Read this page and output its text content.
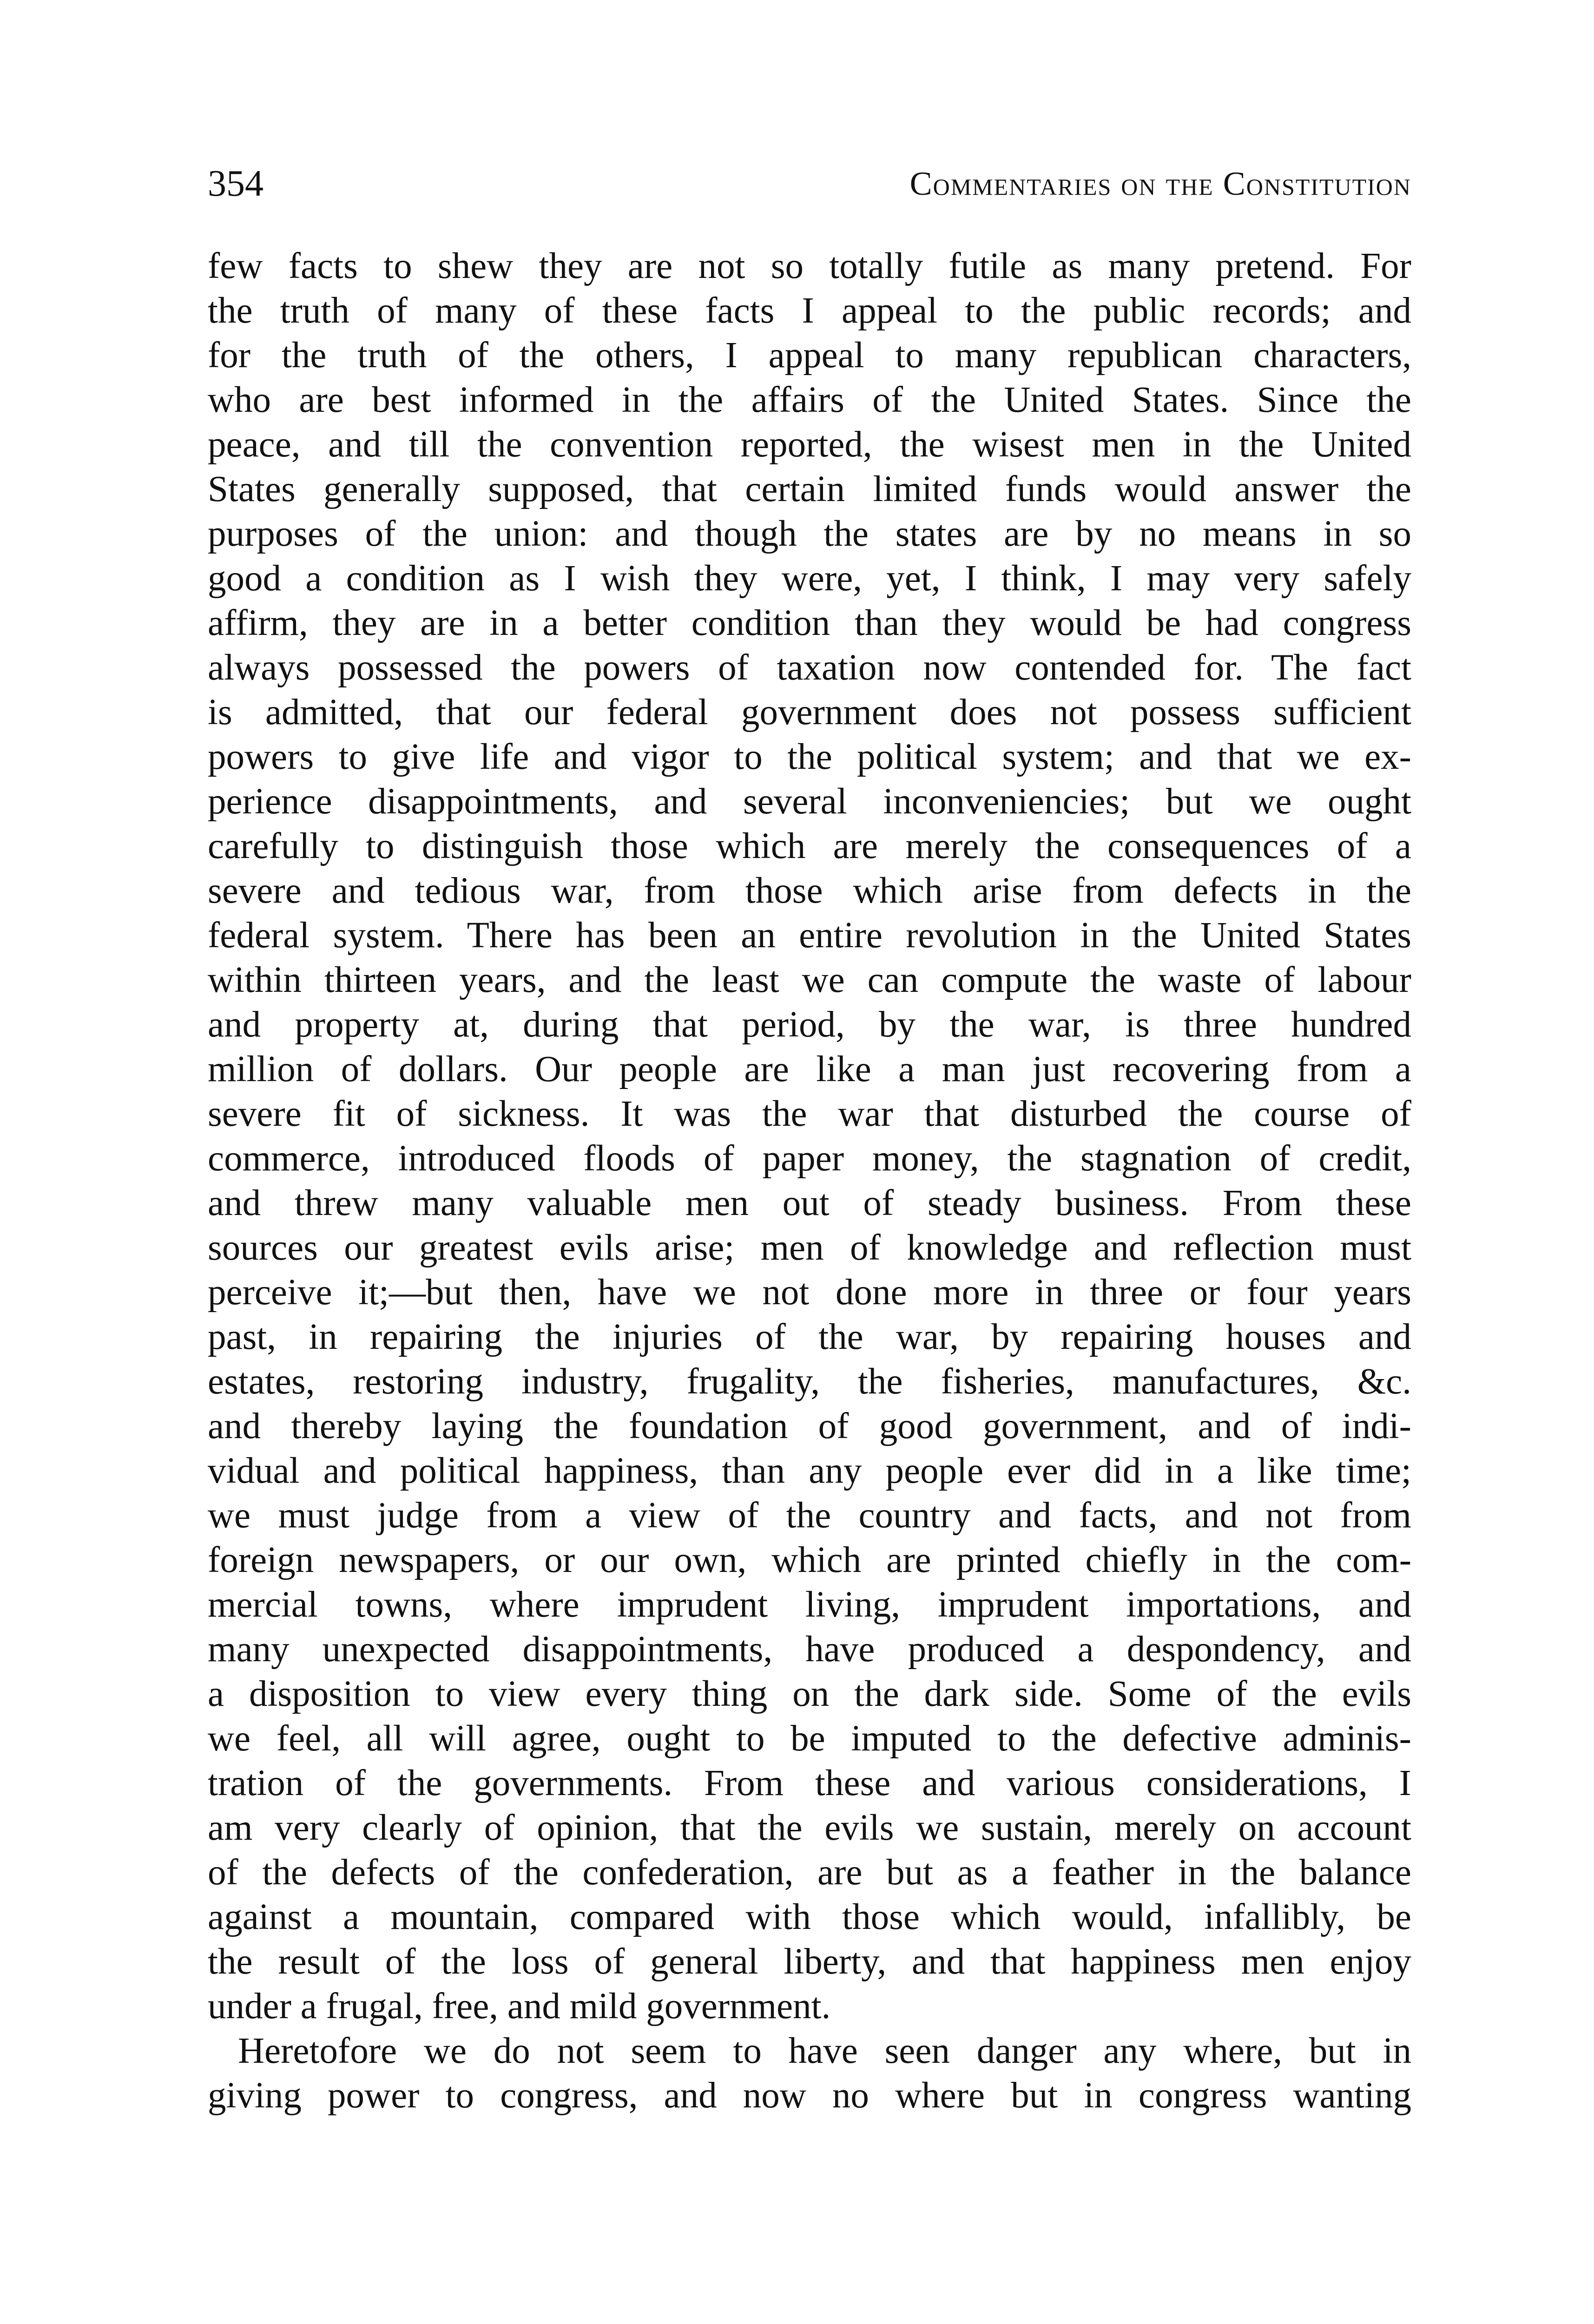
354	Commentaries on the Constitution
few facts to shew they are not so totally futile as many pretend. For
the truth of many of these facts I appeal to the public records; and
for the truth of the others, I appeal to many republican characters,
who are best informed in the affairs of the United States. Since the
peace, and till the convention reported, the wisest men in the United
States generally supposed, that certain limited funds would answer the
purposes of the union: and though the states are by no means in so
good a condition as I wish they were, yet, I think, I may very safely
affirm, they are in a better condition than they would be had congress
always possessed the powers of taxation now contended for. The fact
is admitted, that our federal government does not possess sufficient
powers to give life and vigor to the political system; and that we ex-
perience disappointments, and several inconveniencies; but we ought
carefully to distinguish those which are merely the consequences of a
severe and tedious war, from those which arise from defects in the
federal system. There has been an entire revolution in the United States
within thirteen years, and the least we can compute the waste of labour
and property at, during that period, by the war, is three hundred
million of dollars. Our people are like a man just recovering from a
severe fit of sickness. It was the war that disturbed the course of
commerce, introduced floods of paper money, the stagnation of credit,
and threw many valuable men out of steady business. From these
sources our greatest evils arise; men of knowledge and reflection must
perceive it;—but then, have we not done more in three or four years
past, in repairing the injuries of the war, by repairing houses and
estates, restoring industry, frugality, the fisheries, manufactures, &c.
and thereby laying the foundation of good government, and of indi-
vidual and political happiness, than any people ever did in a like time;
we must judge from a view of the country and facts, and not from
foreign newspapers, or our own, which are printed chiefly in the com-
mercial towns, where imprudent living, imprudent importations, and
many unexpected disappointments, have produced a despondency, and
a disposition to view every thing on the dark side. Some of the evils
we feel, all will agree, ought to be imputed to the defective adminis-
tration of the governments. From these and various considerations, I
am very clearly of opinion, that the evils we sustain, merely on account
of the defects of the confederation, are but as a feather in the balance
against a mountain, compared with those which would, infallibly, be
the result of the loss of general liberty, and that happiness men enjoy
under a frugal, free, and mild government.
Heretofore we do not seem to have seen danger any where, but in
giving power to congress, and now no where but in congress wanting
